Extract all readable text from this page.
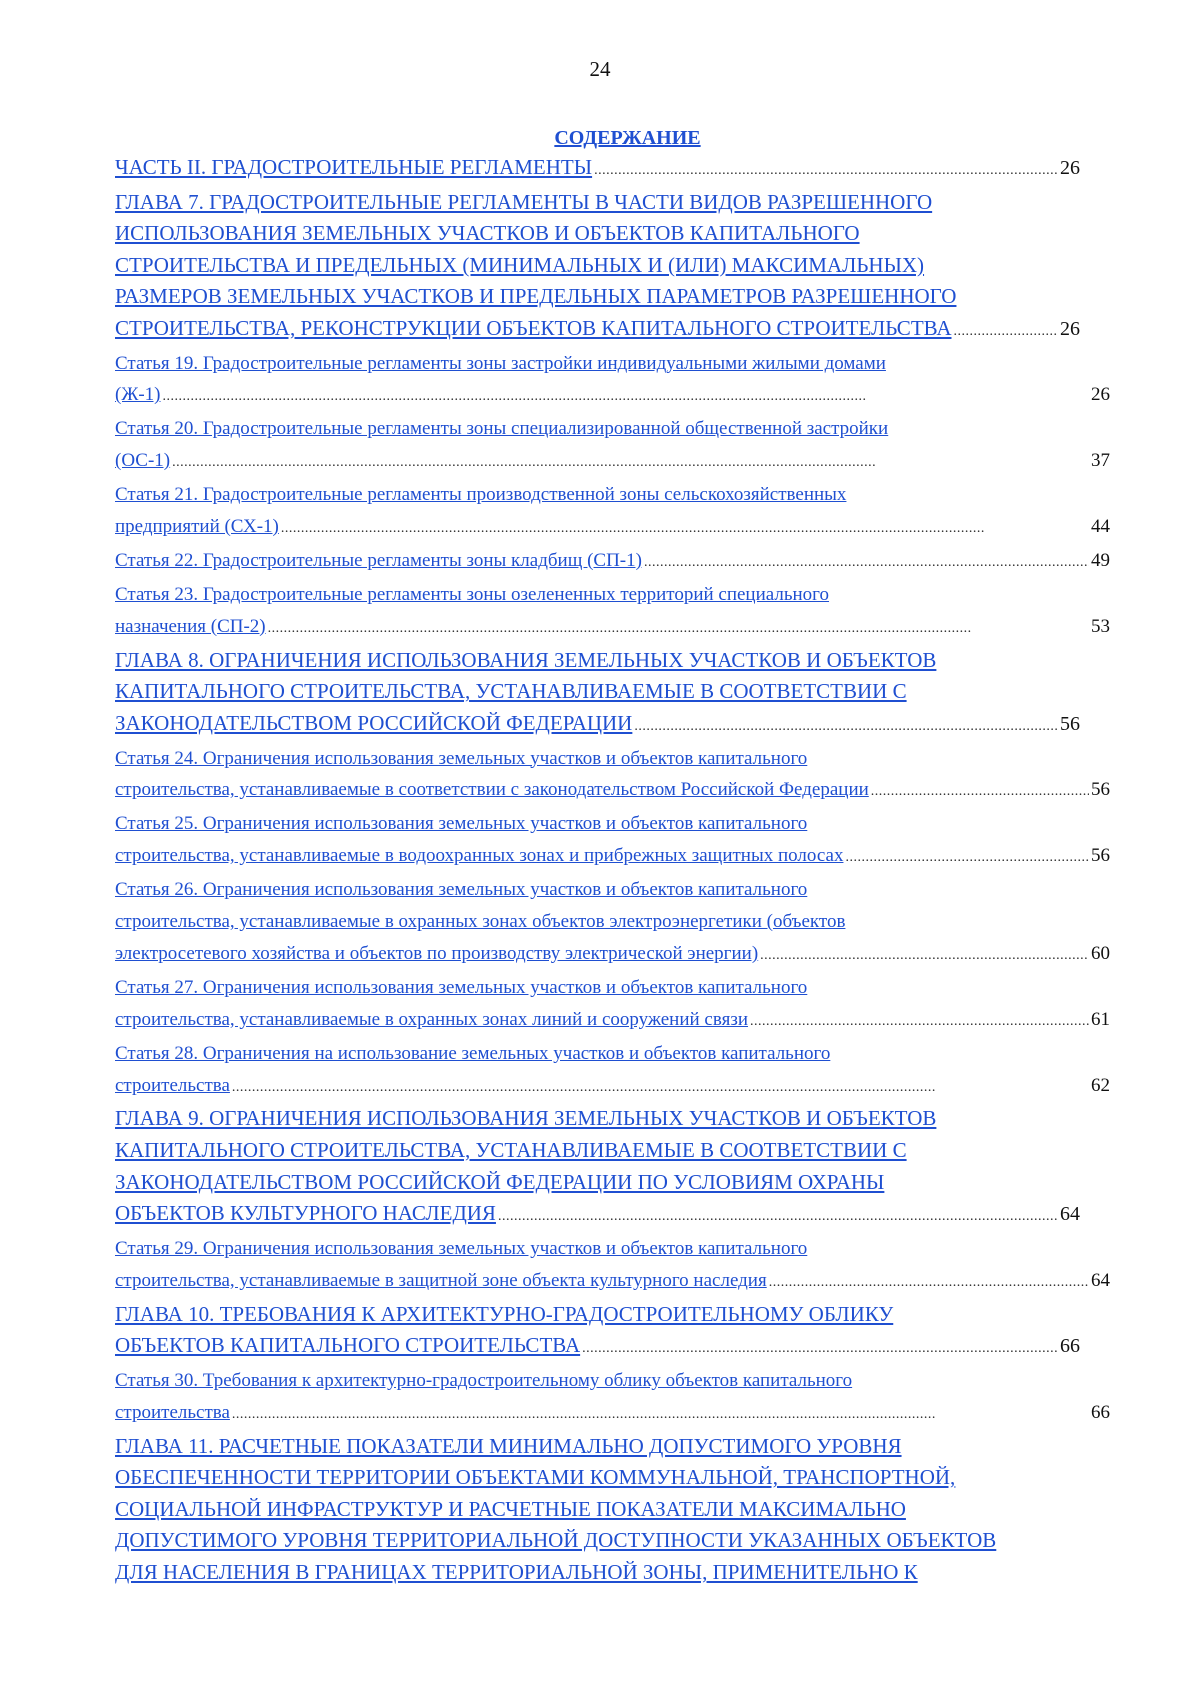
24
СОДЕРЖАНИЕ
ЧАСТЬ II. ГРАДОСТРОИТЕЛЬНЫЕ РЕГЛАМЕНТЫ . . .	26
ГЛАВА 7. ГРАДОСТРОИТЕЛЬНЫЕ РЕГЛАМЕНТЫ В ЧАСТИ ВИДОВ РАЗРЕШЕННОГО
ИСПОЛЬЗОВАНИЯ ЗЕМЕЛЬНЫХ УЧАСТКОВ И ОБЪЕКТОВ КАПИТАЛЬНОГО
СТРОИТЕЛЬСТВА И ПРЕДЕЛЬНЫХ (МИНИМАЛЬНЫХ И (ИЛИ) МАКСИМАЛЬНЫХ)
РАЗМЕРОВ ЗЕМЕЛЬНЫХ УЧАСТКОВ И ПРЕДЕЛЬНЫХ ПАРАМЕТРОВ РАЗРЕШЕННОГО
СТРОИТЕЛЬСТВА, РЕКОНСТРУКЦИИ ОБЪЕКТОВ КАПИТАЛЬНОГО СТРОИТЕЛЬСТВА . . .	26
Статья 19. Градостроительные регламенты зоны застройки индивидуальными жилыми домами
(Ж-1) . . .	26
Статья 20. Градостроительные регламенты зоны специализированной общественной застройки
(ОС-1) . . .	37
Статья 21. Градостроительные регламенты производственной зоны сельскохозяйственных
предприятий (СХ-1) . . .	44
Статья 22. Градостроительные регламенты зоны кладбищ (СП-1) . . .	49
Статья 23. Градостроительные регламенты зоны озелененных территорий специального
назначения (СП-2) . . .	53
ГЛАВА 8. ОГРАНИЧЕНИЯ ИСПОЛЬЗОВАНИЯ ЗЕМЕЛЬНЫХ УЧАСТКОВ И ОБЪЕКТОВ
КАПИТАЛЬНОГО СТРОИТЕЛЬСТВА, УСТАНАВЛИВАЕМЫЕ В СООТВЕТСТВИИ С
ЗАКОНОДАТЕЛЬСТВОМ РОССИЙСКОЙ ФЕДЕРАЦИИ . . .	56
Статья 24. Ограничения использования земельных участков и объектов капитального
строительства, устанавливаемые в соответствии с законодательством Российской Федерации . . .	56
Статья 25. Ограничения использования земельных участков и объектов капитального
строительства, устанавливаемые в водоохранных зонах и прибрежных защитных полосах . . .	56
Статья 26. Ограничения использования земельных участков и объектов капитального
строительства, устанавливаемые в охранных зонах объектов электроэнергетики (объектов
электросетевого хозяйства и объектов по производству электрической энергии) . . .	60
Статья 27. Ограничения использования земельных участков и объектов капитального
строительства, устанавливаемые в охранных зонах линий и сооружений связи . . .	61
Статья 28. Ограничения на использование земельных участков и объектов капитального
строительства . . .	62
ГЛАВА 9. ОГРАНИЧЕНИЯ ИСПОЛЬЗОВАНИЯ ЗЕМЕЛЬНЫХ УЧАСТКОВ И ОБЪЕКТОВ
КАПИТАЛЬНОГО СТРОИТЕЛЬСТВА, УСТАНАВЛИВАЕМЫЕ В СООТВЕТСТВИИ С
ЗАКОНОДАТЕЛЬСТВОМ РОССИЙСКОЙ ФЕДЕРАЦИИ ПО УСЛОВИЯМ ОХРАНЫ
ОБЪЕКТОВ КУЛЬТУРНОГО НАСЛЕДИЯ . . .	64
Статья 29. Ограничения использования земельных участков и объектов капитального
строительства, устанавливаемые в защитной зоне объекта культурного наследия . . .	64
ГЛАВА 10. ТРЕБОВАНИЯ К АРХИТЕКТУРНО-ГРАДОСТРОИТЕЛЬНОМУ ОБЛИКУ
ОБЪЕКТОВ КАПИТАЛЬНОГО СТРОИТЕЛЬСТВА . . .	66
Статья 30. Требования к архитектурно-градостроительному облику объектов капитального
строительства . . .	66
ГЛАВА 11. РАСЧЕТНЫЕ ПОКАЗАТЕЛИ МИНИМАЛЬНО ДОПУСТИМОГО УРОВНЯ
ОБЕСПЕЧЕННОСТИ ТЕРРИТОРИИ ОБЪЕКТАМИ КОММУНАЛЬНОЙ, ТРАНСПОРТНОЙ,
СОЦИАЛЬНОЙ ИНФРАСТРУКТУР И РАСЧЕТНЫЕ ПОКАЗАТЕЛИ МАКСИМАЛЬНО
ДОПУСТИМОГО УРОВНЯ ТЕРРИТОРИАЛЬНОЙ ДОСТУПНОСТИ УКАЗАННЫХ ОБЪЕКТОВ
ДЛЯ НАСЕЛЕНИЯ В ГРАНИЦАХ ТЕРРИТОРИАЛЬНОЙ ЗОНЫ, ПРИМЕНИТЕЛЬНО К
